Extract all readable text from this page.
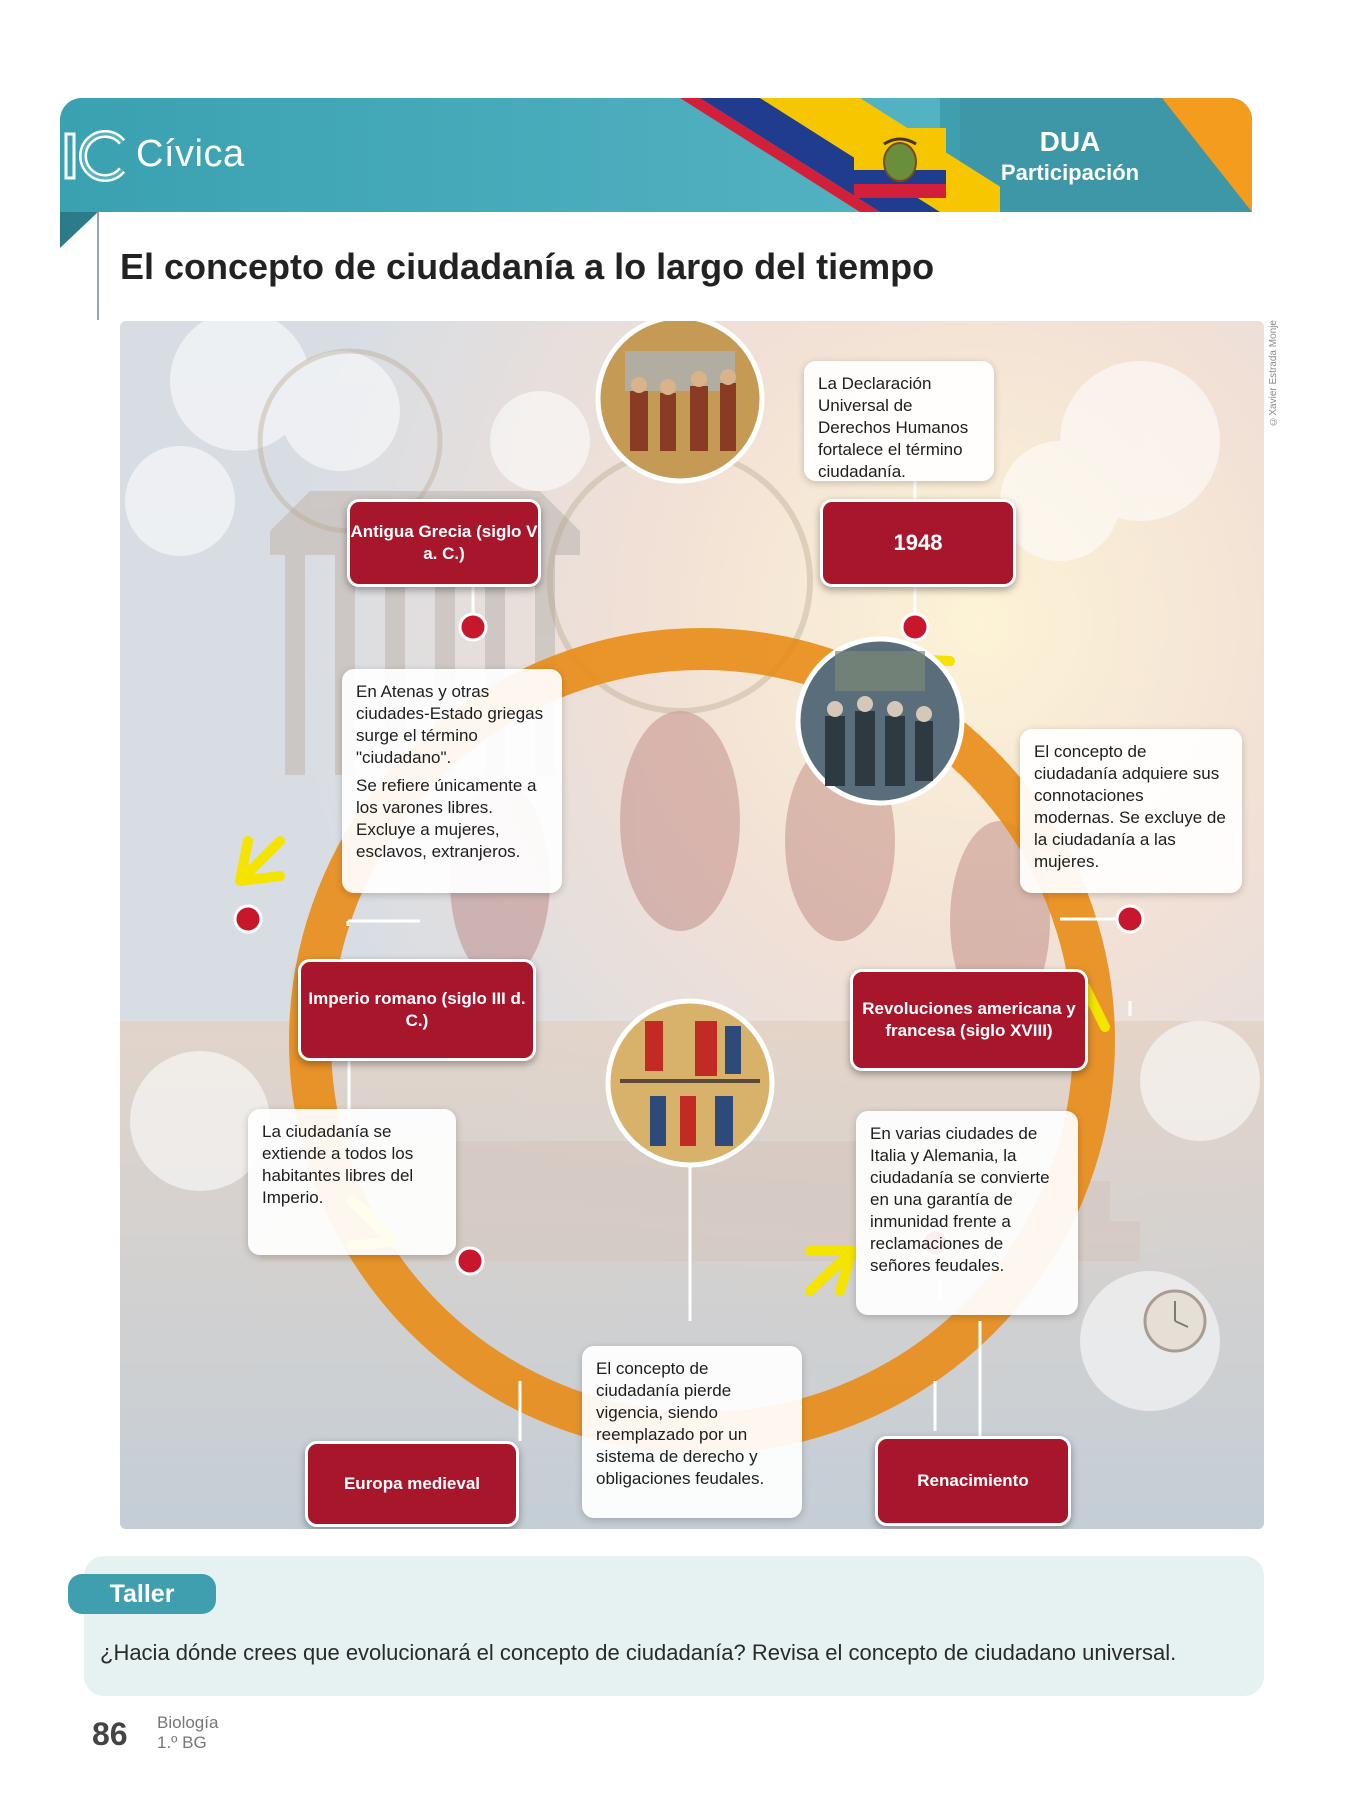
Cívica	DUA
Participación
El concepto de ciudadanía a lo largo del tiempo
Antigua Grecia (siglo V a. C.)	1948
Imperio romano (siglo III d. C.)
Revoluciones americana y francesa (siglo XVIII)
Europa medieval	Renacimiento

En Atenas y otras ciudades-Estado griegas surge el término "ciudadano".

Se refiere únicamente a los varones libres. Excluye a mujeres, esclavos, extranjeros.

La Declaración Universal de Derechos Humanos fortalece el término ciudadanía.

La ciudadanía se extiende a todos los habitantes libres del Imperio.

El concepto de ciudadanía adquiere sus connotaciones modernas. Se excluye de la ciudadanía a las mujeres.

El concepto de ciudadanía pierde vigencia, siendo reemplazado por un sistema de derecho y obligaciones feudales.

En varias ciudades de Italia y Alemania, la ciudadanía se convierte en una garantía de inmunidad frente a reclamaciones de señores feudales.

©Xavier Estrada Monje
Taller
¿Hacia dónde crees que evolucionará el concepto de ciudadanía? Revisa el concepto de ciudadano universal.
86 Biología
1.º BG
